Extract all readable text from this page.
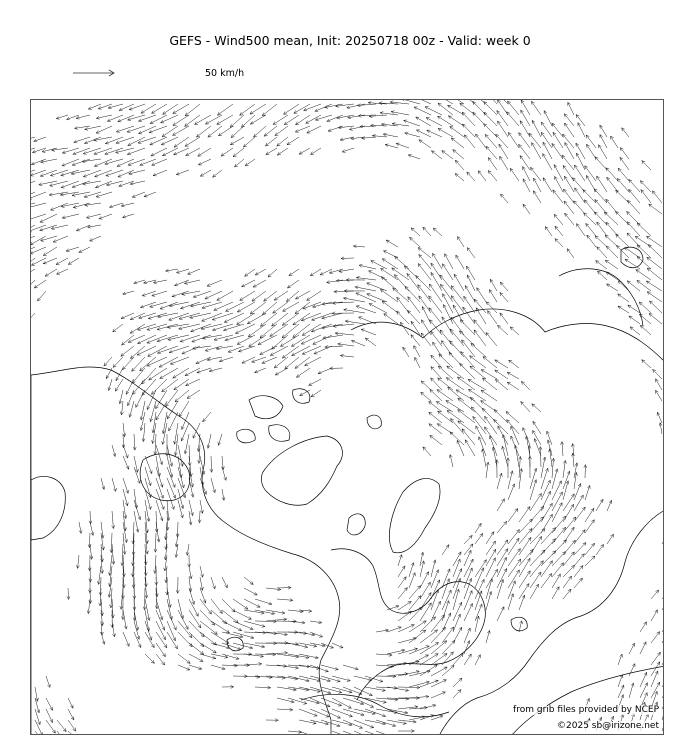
GEFS - Wind500 mean, Init: 20250718 00z - Valid: week 0
50 km/h
from grib files provided by NCEP
©2025 sb@irizone.net
